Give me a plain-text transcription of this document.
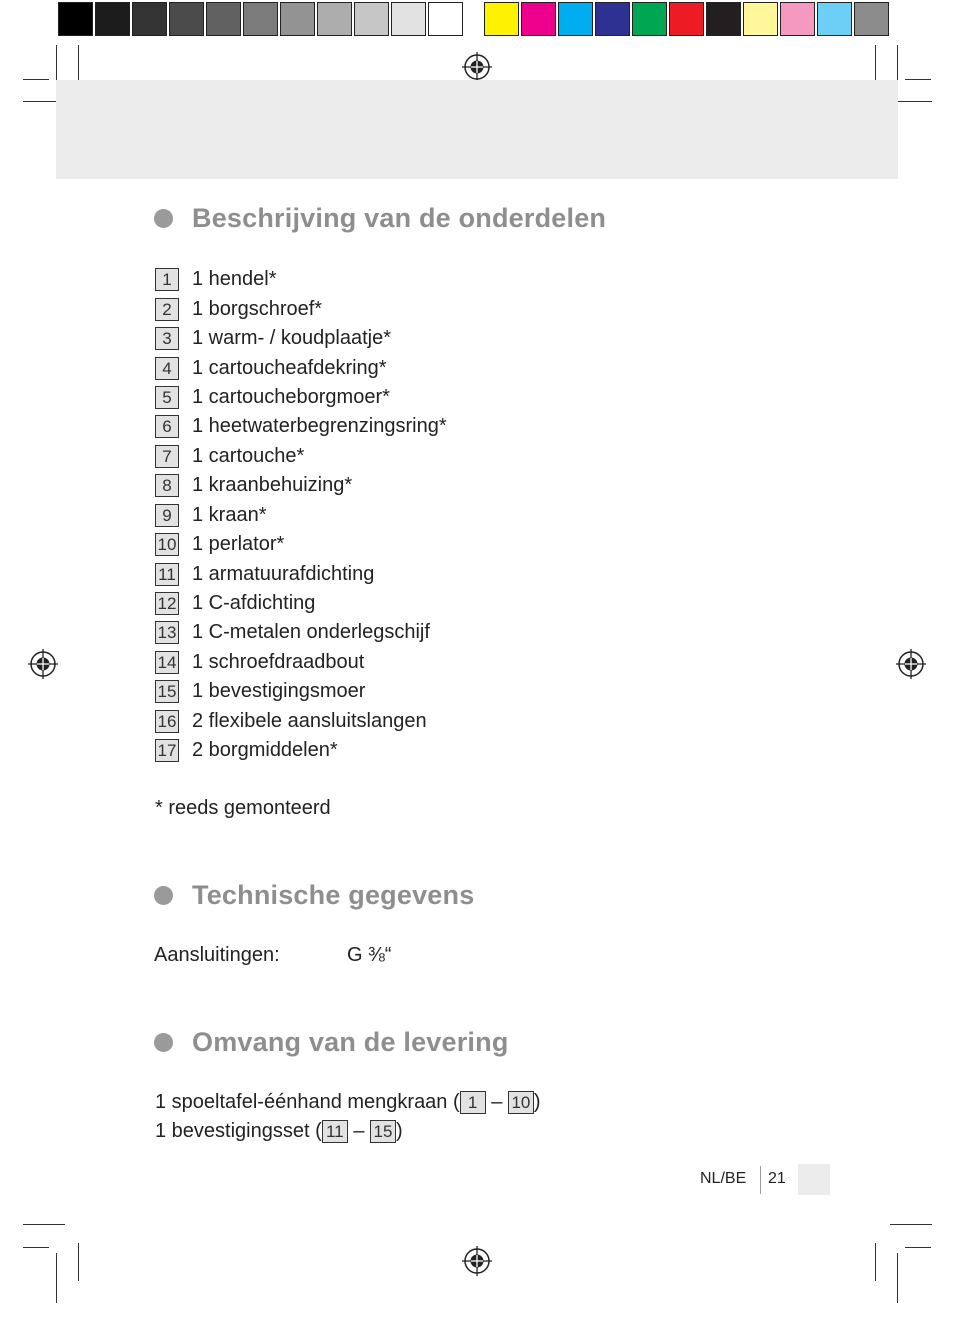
Beschrijving van de onderdelen
1	1 hendel*
2	1 borgschroef*
3	1 warm- / koudplaatje*
4	1 cartoucheafdekring*
5	1 cartoucheborgmoer*
6	1 heetwaterbegrenzingsring*
7	1 cartouche*
8	1 kraanbehuizing*
9	1 kraan*
10 1 perlator*
11 1 armatuurafdichting
12 1 C-afdichting
13 1 C-metalen onderlegschijf
14 1 schroefdraadbout
15 1 bevestigingsmoer
16 2 flexibele aansluitslangen
17 2 borgmiddelen*
* reeds gemonteerd
Technische gegevens
Aansluitingen:	G ⅜“
Omvang van de levering
1 spoeltafel-éénhand mengkraan ( 1 – 10 )
1 bevestigingsset ( 11 – 15 )
NL/BE 21
